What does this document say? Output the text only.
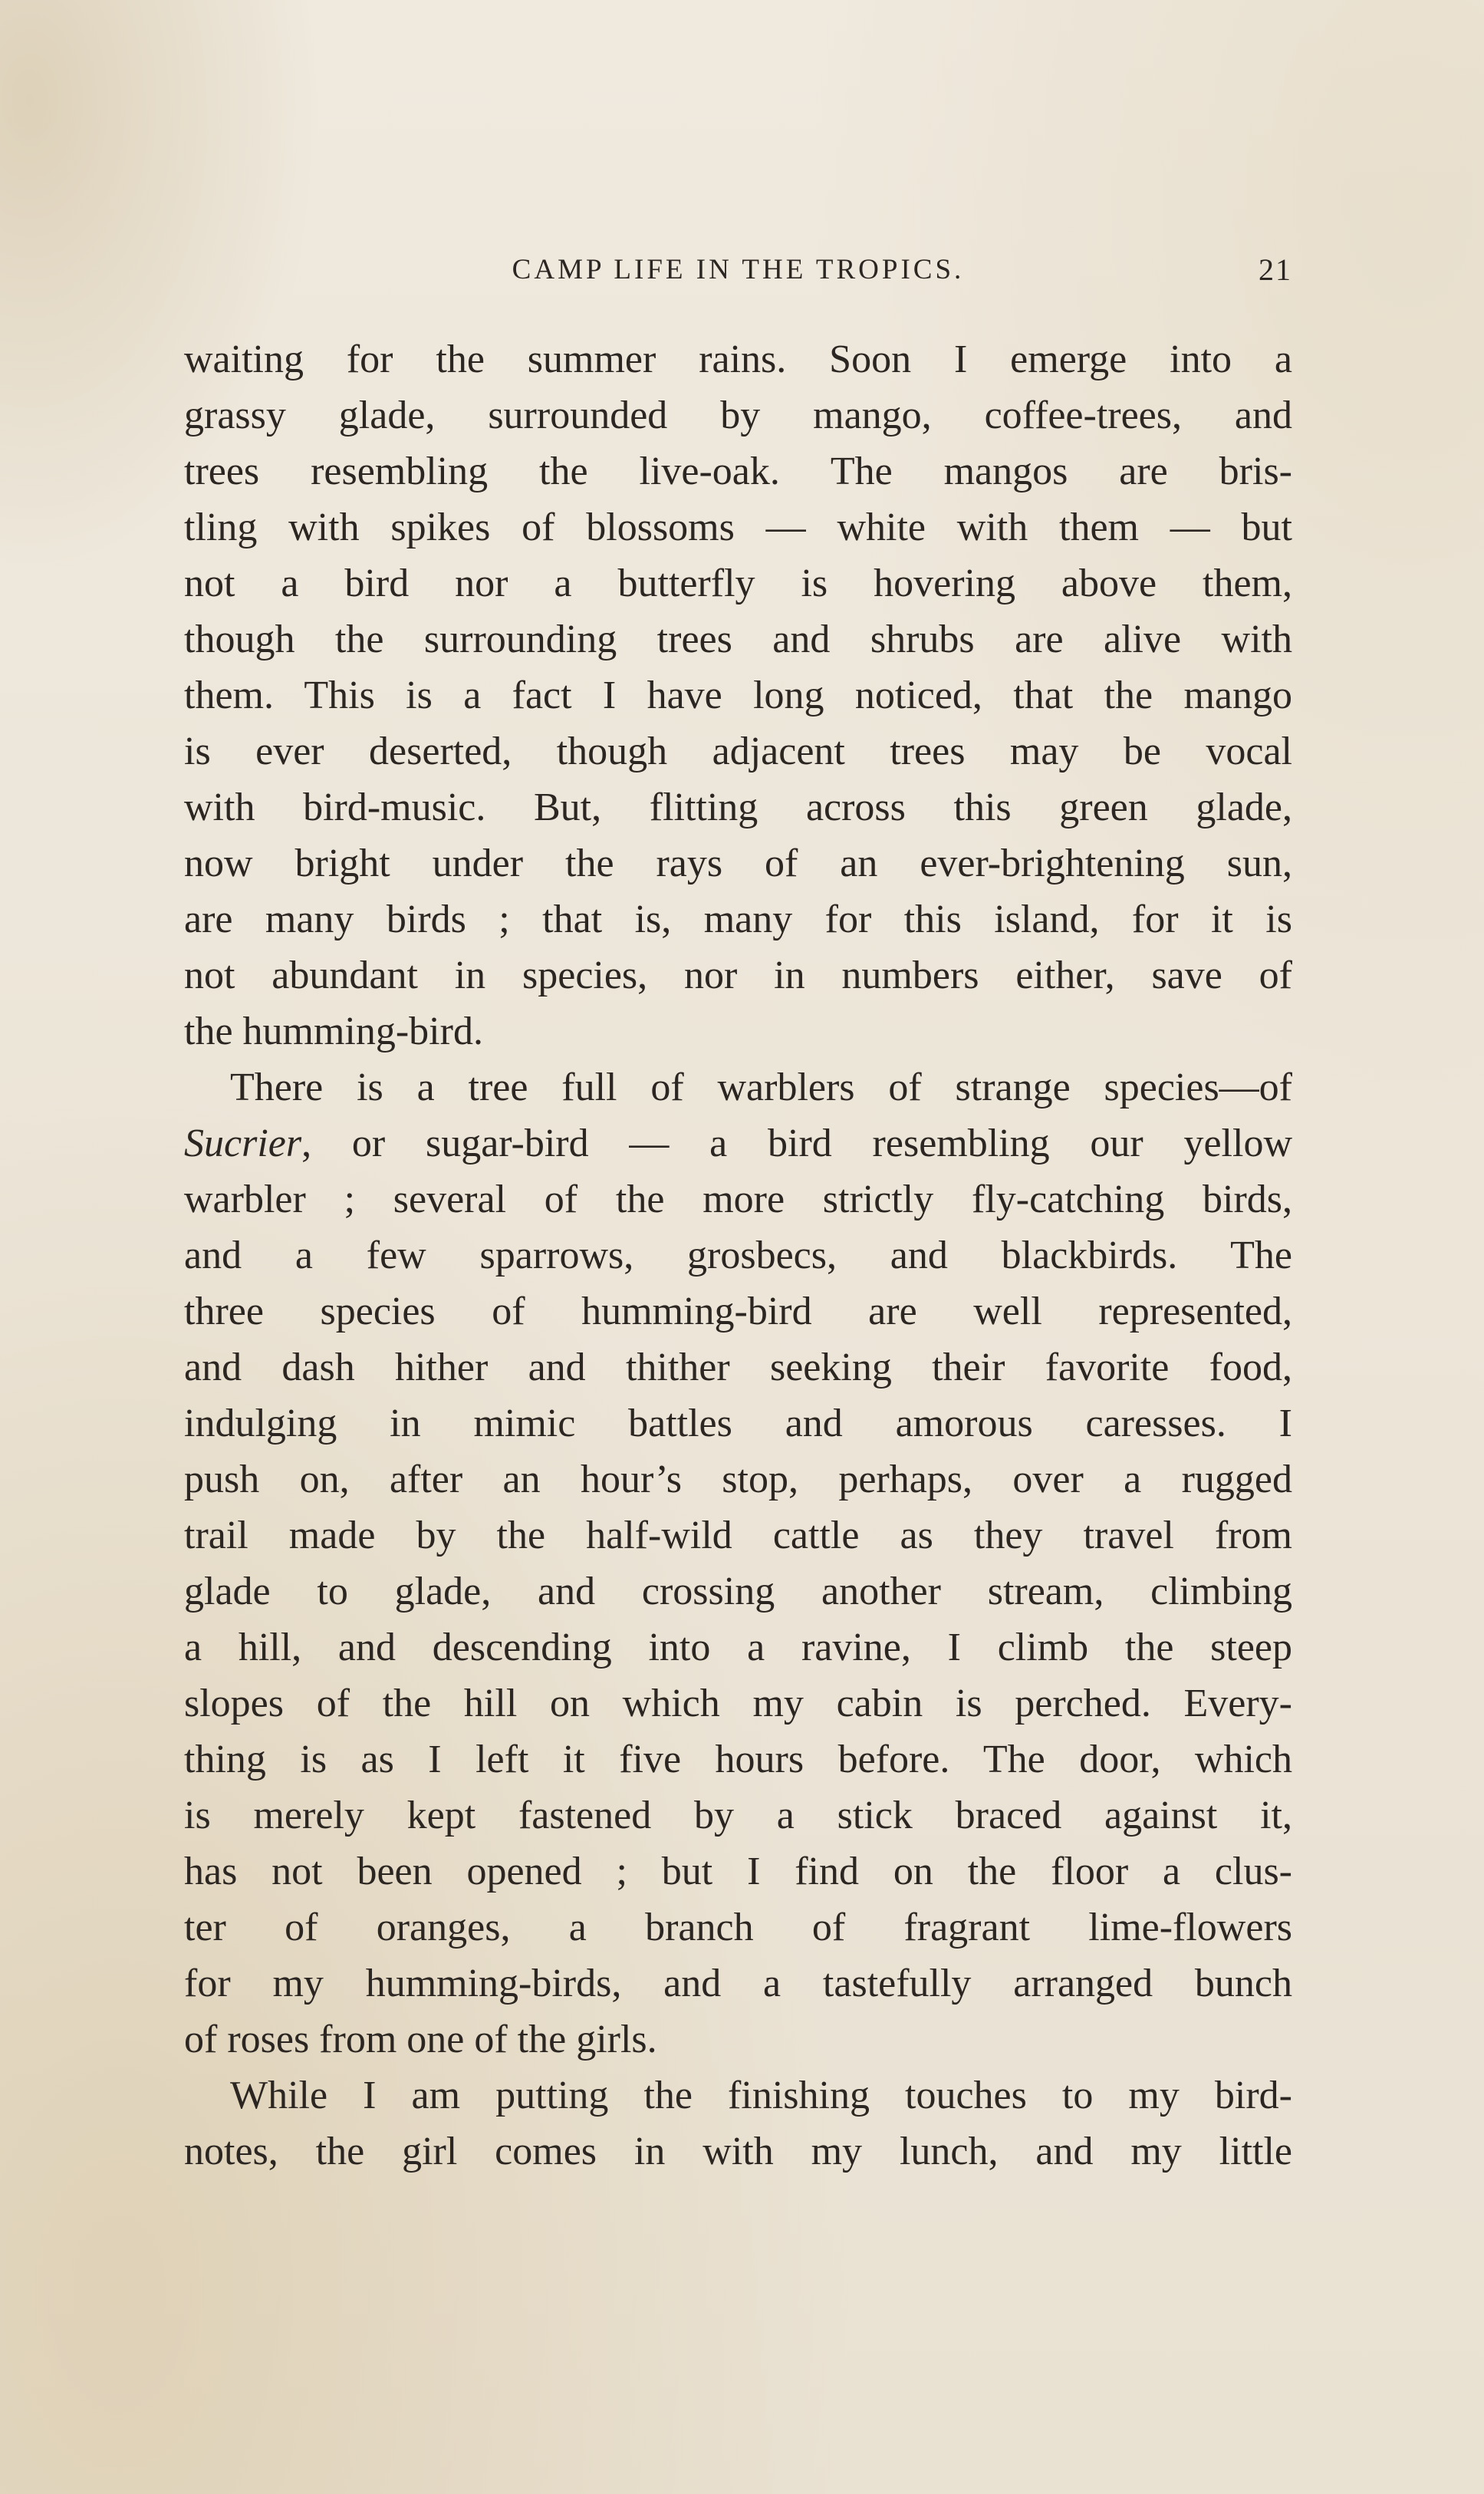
CAMP LIFE IN THE TROPICS.	21
waiting for the summer rains. Soon I emerge into a
grassy glade, surrounded by mango, coffee-trees, and
trees resembling the live-oak. The mangos are bris-
tling with spikes of blossoms — white with them — but
not a bird nor a butterfly is hovering above them,
though the surrounding trees and shrubs are alive with
them. This is a fact I have long noticed, that the mango
is ever deserted, though adjacent trees may be vocal
with bird-music. But, flitting across this green glade,
now bright under the rays of an ever-brightening sun,
are many birds ; that is, many for this island, for it is
not abundant in species, nor in numbers either, save of
the humming-bird.
There is a tree full of warblers of strange species—of
Sucrier, or sugar-bird — a bird resembling our yellow
warbler ; several of the more strictly fly-catching birds,
and a few sparrows, grosbecs, and blackbirds. The
three species of humming-bird are well represented,
and dash hither and thither seeking their favorite food,
indulging in mimic battles and amorous caresses. I
push on, after an hour’s stop, perhaps, over a rugged
trail made by the half-wild cattle as they travel from
glade to glade, and crossing another stream, climbing
a hill, and descending into a ravine, I climb the steep
slopes of the hill on which my cabin is perched. Every-
thing is as I left it five hours before. The door, which
is merely kept fastened by a stick braced against it,
has not been opened ; but I find on the floor a clus-
ter of oranges, a branch of fragrant lime-flowers
for my humming-birds, and a tastefully arranged bunch
of roses from one of the girls.
While I am putting the finishing touches to my bird-
notes, the girl comes in with my lunch, and my little
